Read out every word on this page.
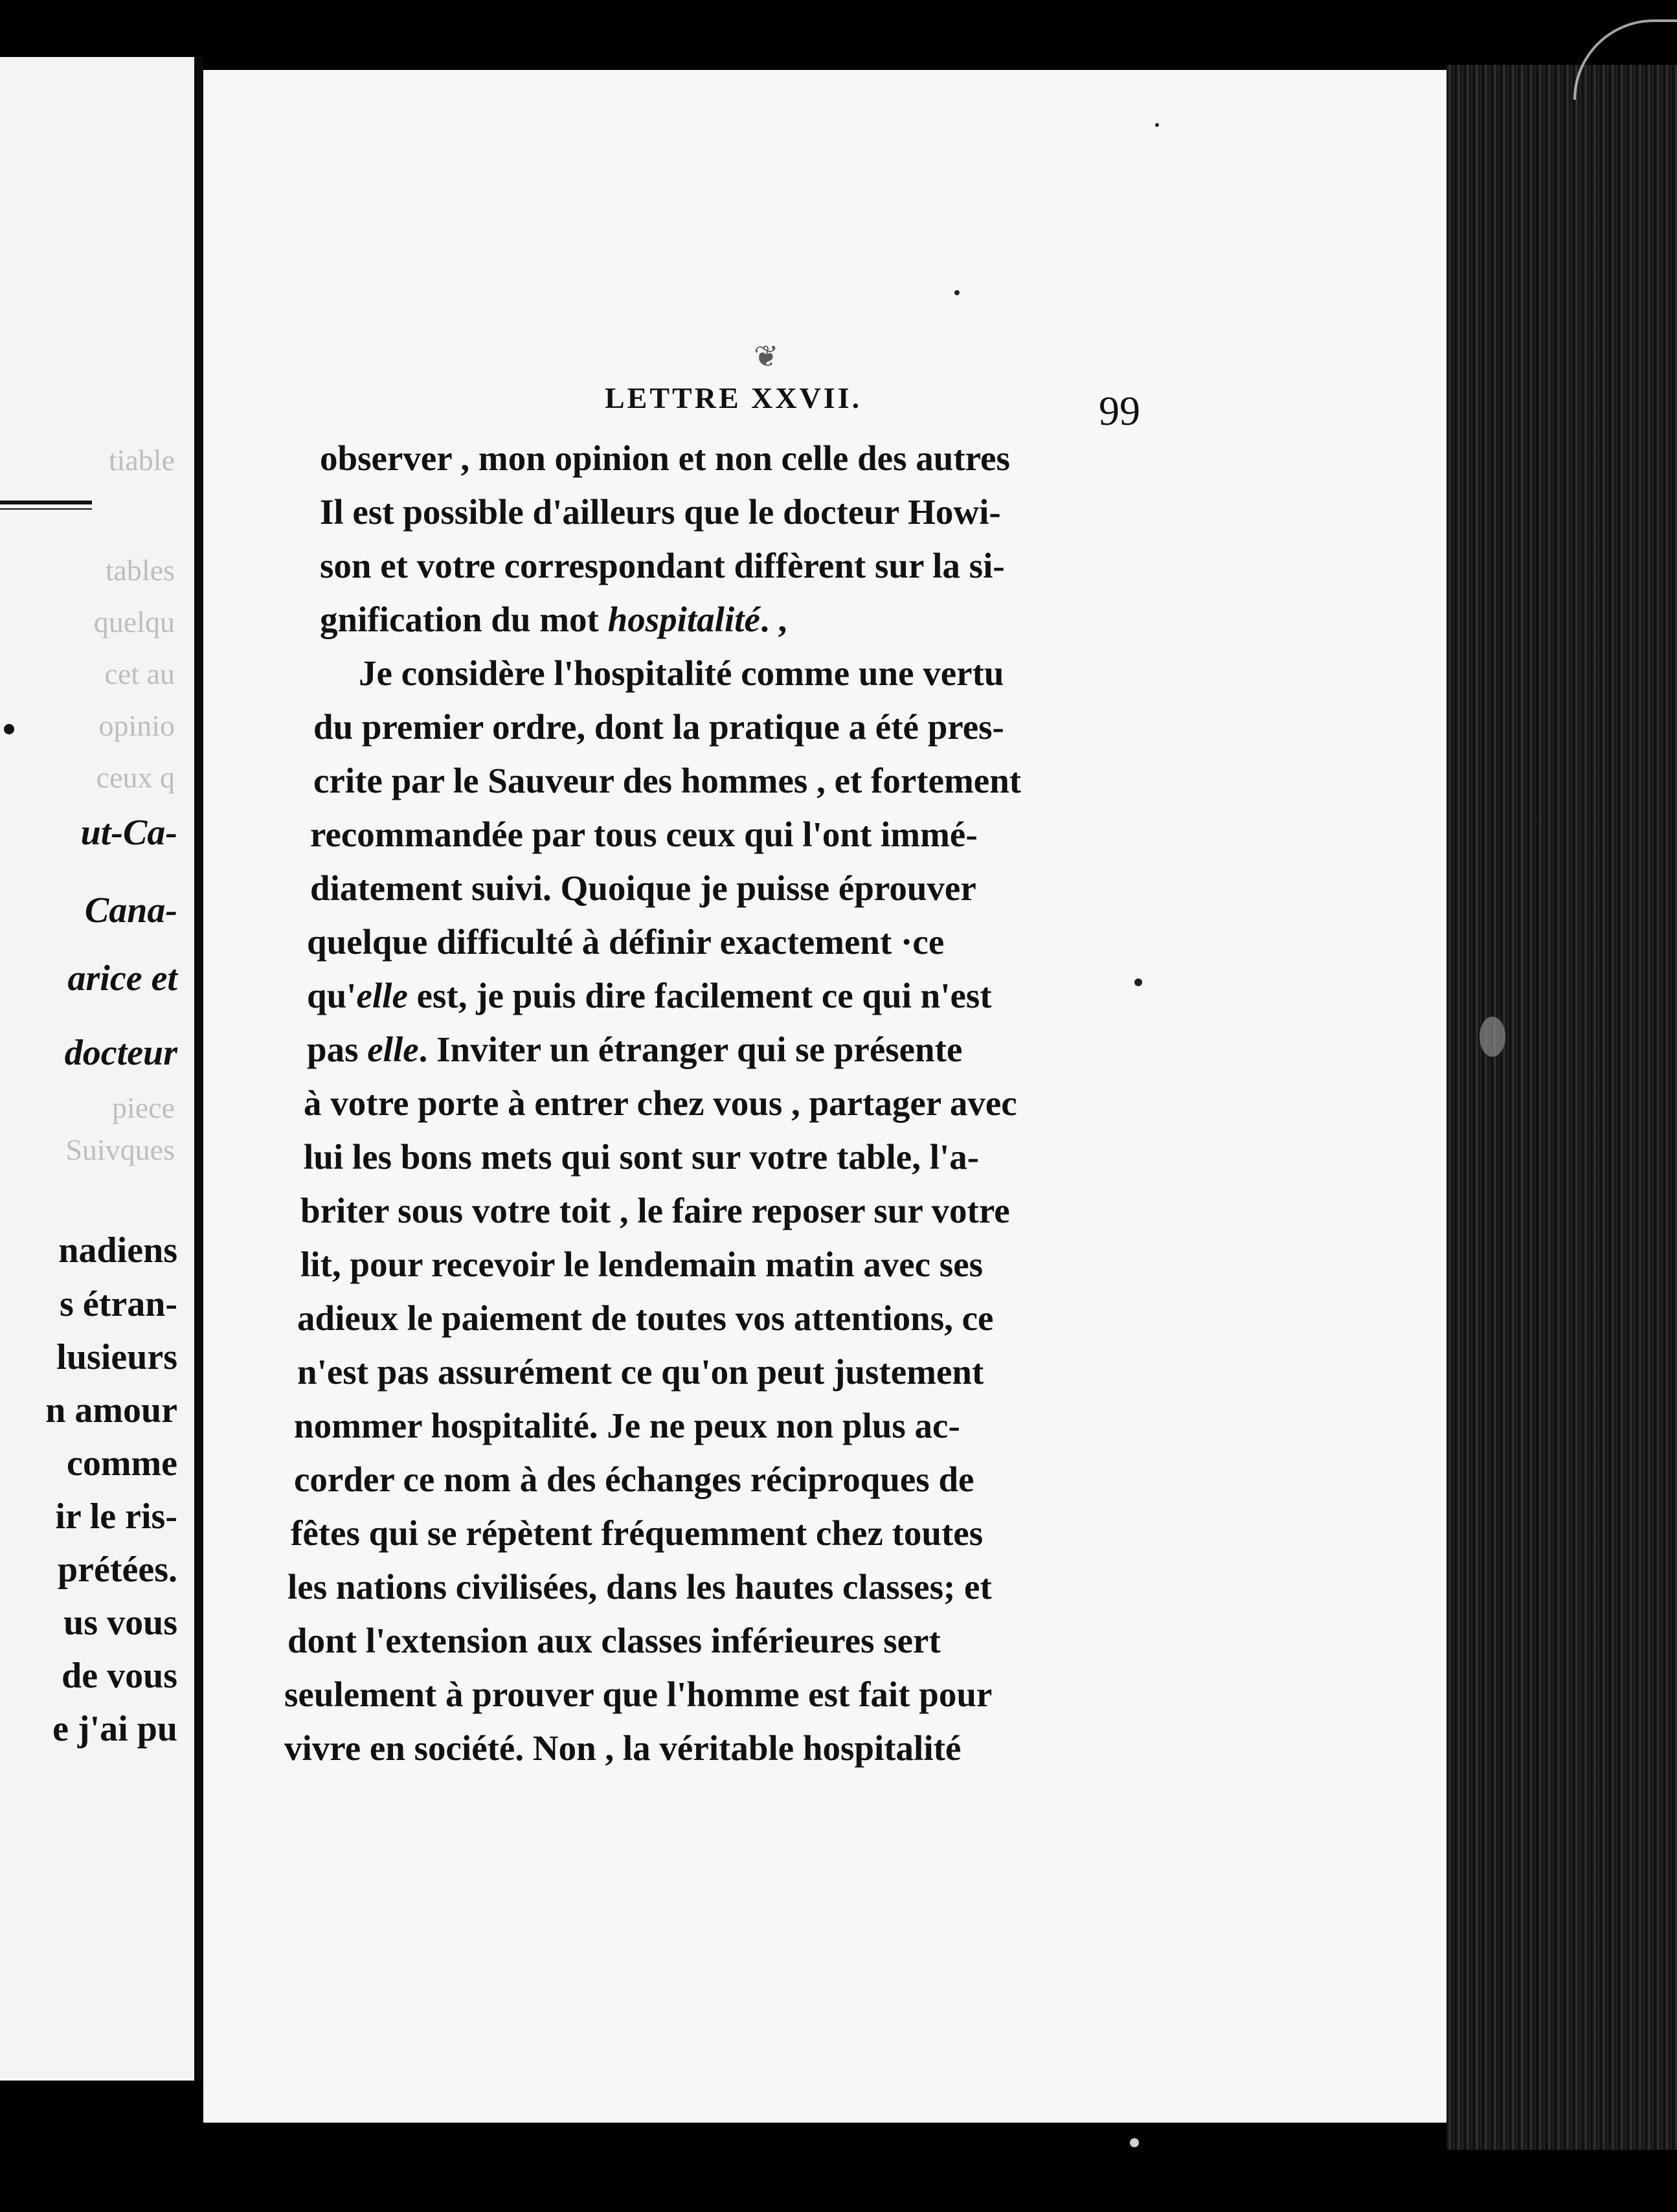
tiable
tables
quelqu
cet au
opinio
ceux q
ut-Ca-
Cana-
arice et
docteur
piece
Suivques
nadiens
s étran-
lusieurs
n amour
comme
ir le ris-
prétées.
us vous
de vous
e j'ai pu
❦
LETTRE XXVII.	99
observer , mon opinion et non celle des autres
Il est possible d'ailleurs que le docteur Howi-
son et votre correspondant diffèrent sur la si-
gnification du mot hospitalité. ,
Je considère l'hospitalité comme une vertu
du premier ordre, dont la pratique a été pres-
crite par le Sauveur des hommes , et fortement
recommandée par tous ceux qui l'ont immé-
diatement suivi. Quoique je puisse éprouver
quelque difficulté à définir exactement ·ce
qu'elle est, je puis dire facilement ce qui n'est
pas elle. Inviter un étranger qui se présente
à votre porte à entrer chez vous , partager avec
lui les bons mets qui sont sur votre table, l'a-
briter sous votre toit , le faire reposer sur votre
lit, pour recevoir le lendemain matin avec ses
adieux le paiement de toutes vos attentions, ce
n'est pas assurément ce qu'on peut justement
nommer hospitalité. Je ne peux non plus ac-
corder ce nom à des échanges réciproques de
fêtes qui se répètent fréquemment chez toutes
les nations civilisées, dans les hautes classes; et
dont l'extension aux classes inférieures sert
seulement à prouver que l'homme est fait pour
vivre en société. Non , la véritable hospitalité
